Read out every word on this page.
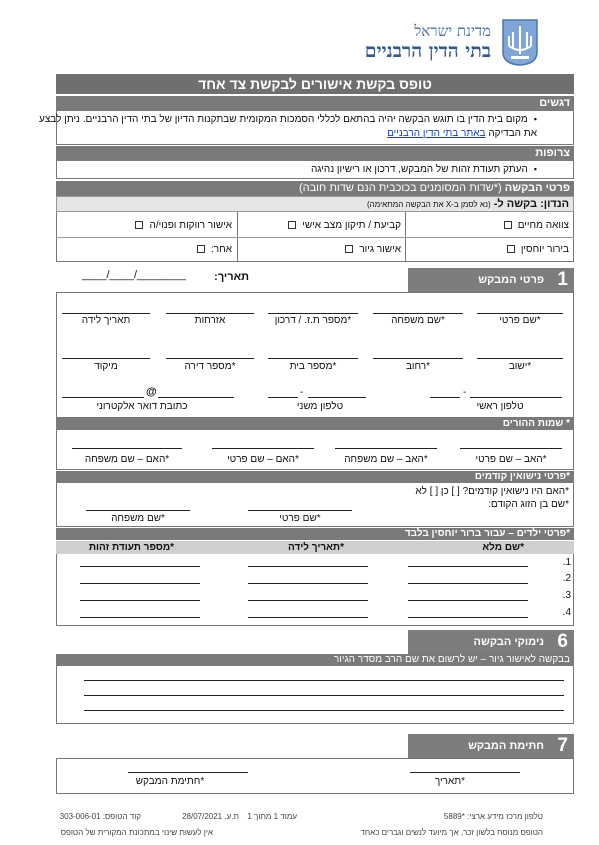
מדינת ישראל
בתי הדין הרבניים
טופס בקשת אישורים לבקשת צד אחד
דגשים
▪ מקום בית הדין בו תוגש הבקשה יהיה בהתאם לכללי הסמכות המקומית שבתקנות הדיון של בתי הדין הרבניים. ניתן לבצע את הבדיקה באתר בתי הדין הרבניים
צרופות
▪ העתק תעודת זהות של המבקש, דרכון או רישיון נהיגה
פרטי הבקשה (*שדות המסומנים בכוכבית הנם שדות חובה)
הנדון: בקשה ל- (נא לסמן ב-X את הבקשה המתאימה)
צוואה מחיים
קביעת / תיקון מצב אישי
אישור רווקות ופנוי/ה
בירור יוחסין
אישור גיור
אחר:
תאריך:
____/____/________	1
פרטי המבקש
*שם פרטי
*שם משפחה
*מספר ת.ז. / דרכון
אזרחות
תאריך לידה
*ישוב
*רחוב
*מספר בית
*מספר דירה
מיקוד
-
-
@
טלפון ראשי
טלפון משני
כתובת דואר אלקטרוני
* שמות ההורים
*האב – שם פרטי
*האב – שם משפחה
*האם – שם פרטי
*האם – שם משפחה
*פרטי נישואין קודמים
*האם היו נישואין קודמים? [ ] כן [ ] לא
*שם בן הזוג הקודם:
*שם פרטי
*שם משפחה
*פרטי ילדים – עבור ברור יוחסין בלבד
*שם מלא
*תאריך לידה
*מספר תעודת זהות
1.
2.
3.
4.
6
נימוקי הבקשה
בבקשה לאישור גיור – יש לרשום את שם הרב מסדר הגיור
7
חתימת המבקש
*תאריך
*חתימת המבקש
טלפון מרכז מידע ארצי: *5889
עמוד 1 מתוך 1
ת.ע. 28/07/2021
קוד הטופס: 303-006-01
הטופס מנוסח בלשון זכר, אך מיועד לנשים וגברים כאחד
אין לעשות שינוי במתכונת המקורית של הטופס
